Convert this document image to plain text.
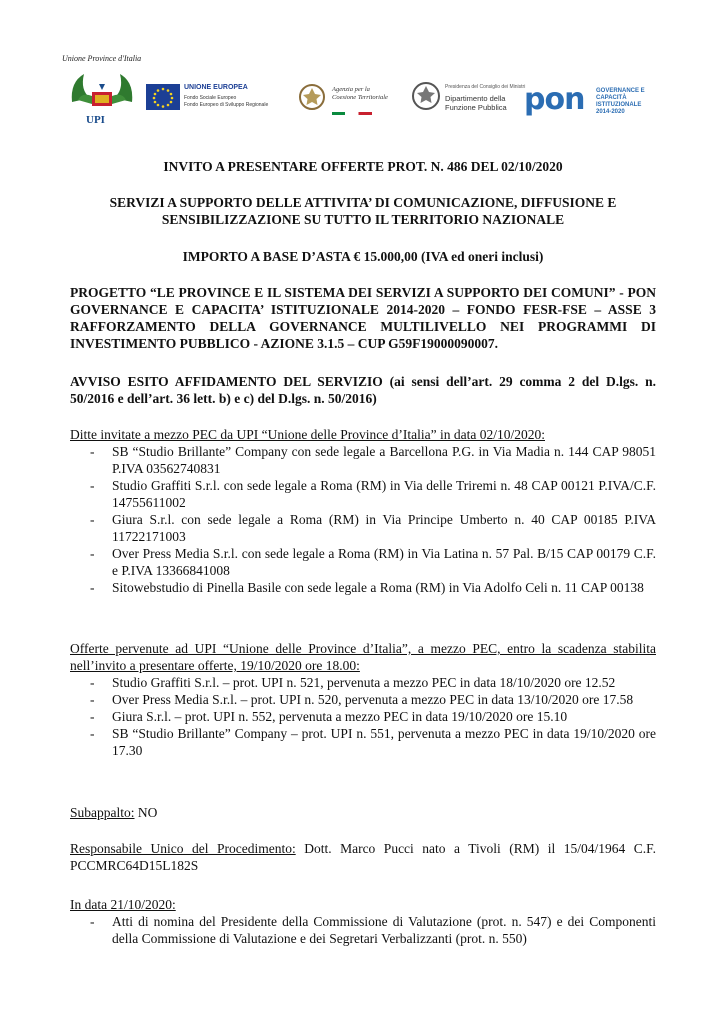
Unione Province d'Italia
UPI
UNIONE EUROPEA
Fondo Sociale Europeo
Fondo Europeo di Sviluppo Regionale
Agenzia per la Coesione Territoriale
Presidenza del Consiglio dei Ministri
Dipartimento della Funzione Pubblica pon GOVERNANCE E CAPACITÀ ISTITUZIONALE 2014-2020

INVITO A PRESENTARE OFFERTE PROT. N. 486 DEL 02/10/2020

SERVIZI A SUPPORTO DELLE ATTIVITA’ DI COMUNICAZIONE, DIFFUSIONE E SENSIBILIZZAZIONE SU TUTTO IL TERRITORIO NAZIONALE

IMPORTO A BASE D’ASTA € 15.000,00 (IVA ed oneri inclusi)

PROGETTO “LE PROVINCE E IL SISTEMA DEI SERVIZI A SUPPORTO DEI COMUNI” - PON GOVERNANCE E CAPACITA’ ISTITUZIONALE 2014-2020 – FONDO FESR-FSE – ASSE 3 RAFFORZAMENTO DELLA GOVERNANCE MULTILIVELLO NEI PROGRAMMI DI INVESTIMENTO PUBBLICO - AZIONE 3.1.5 – CUP G59F19000090007.

AVVISO ESITO AFFIDAMENTO DEL SERVIZIO (ai sensi dell’art. 29 comma 2 del D.lgs. n. 50/2016 e dell’art. 36 lett. b) e c) del D.lgs. n. 50/2016)

Ditte invitate a mezzo PEC da UPI “Unione delle Province d’Italia” in data 02/10/2020:

- SB “Studio Brillante” Company con sede legale a Barcellona P.G. in Via Madia n. 144 CAP 98051 P.IVA 03562740831
- Studio Graffiti S.r.l. con sede legale a Roma (RM) in Via delle Triremi n. 48 CAP 00121 P.IVA/C.F. 14755611002
- Giura S.r.l. con sede legale a Roma (RM) in Via Principe Umberto n. 40 CAP 00185 P.IVA 11722171003
- Over Press Media S.r.l. con sede legale a Roma (RM) in Via Latina n. 57 Pal. B/15 CAP 00179 C.F. e P.IVA 13366841008
- Sitowebstudio di Pinella Basile con sede legale a Roma (RM) in Via Adolfo Celi n. 11 CAP 00138

Offerte pervenute ad UPI “Unione delle Province d’Italia”, a mezzo PEC, entro la scadenza stabilita nell’invito a presentare offerte, 19/10/2020 ore 18.00:

- Studio Graffiti S.r.l. – prot. UPI n. 521, pervenuta a mezzo PEC in data 18/10/2020 ore 12.52
- Over Press Media S.r.l. – prot. UPI n. 520, pervenuta a mezzo PEC in data 13/10/2020 ore 17.58
- Giura S.r.l. – prot. UPI n. 552, pervenuta a mezzo PEC in data 19/10/2020 ore 15.10
- SB “Studio Brillante” Company – prot. UPI n. 551, pervenuta a mezzo PEC in data 19/10/2020 ore 17.30

Subappalto: NO

Responsabile Unico del Procedimento: Dott. Marco Pucci nato a Tivoli (RM) il 15/04/1964 C.F. PCCMRC64D15L182S

In data 21/10/2020:

- Atti di nomina del Presidente della Commissione di Valutazione (prot. n. 547) e dei Componenti della Commissione di Valutazione e dei Segretari Verbalizzanti (prot. n. 550)
